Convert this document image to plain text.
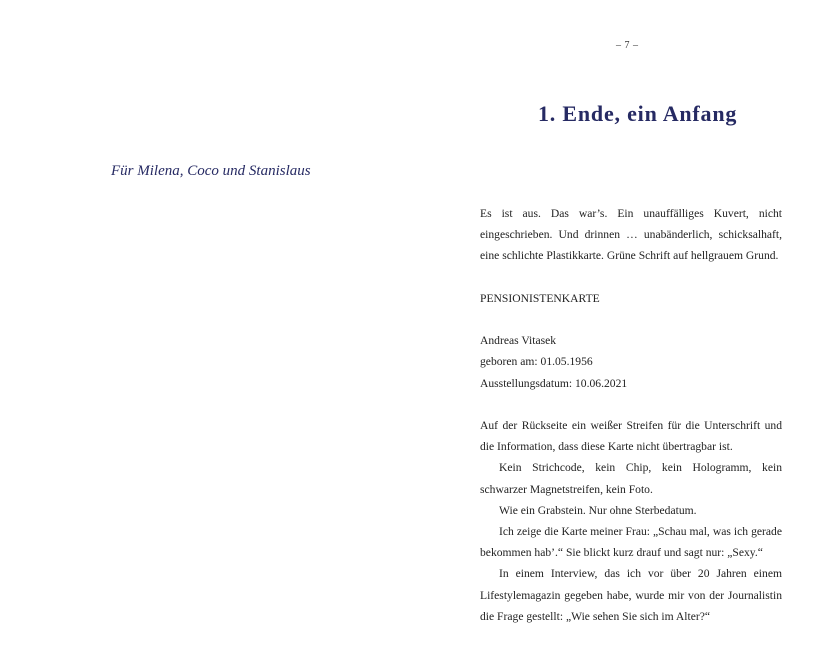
Für Milena, Coco und Stanislaus
– 7 –
1. Ende, ein Anfang

Es ist aus. Das war’s. Ein unauffälliges Kuvert, nicht eingeschrieben. Und drinnen … unabänderlich, schicksalhaft, eine schlichte Plastikkarte. Grüne Schrift auf hellgrauem Grund.

PENSIONISTENKARTE

Andreas Vitasek

geboren am: 01.05.1956

Ausstellungsdatum: 10.06.2021

Auf der Rückseite ein weißer Streifen für die Unterschrift und die Information, dass diese Karte nicht übertragbar ist.

Kein Strichcode, kein Chip, kein Hologramm, kein schwarzer Magnetstreifen, kein Foto.

Wie ein Grabstein. Nur ohne Sterbedatum.

Ich zeige die Karte meiner Frau: „Schau mal, was ich gerade bekommen hab’.“ Sie blickt kurz drauf und sagt nur: „Sexy.“

In einem Interview, das ich vor über 20 Jahren einem Lifestylemagazin gegeben habe, wurde mir von der Journalistin die Frage gestellt: „Wie sehen Sie sich im Alter?“
